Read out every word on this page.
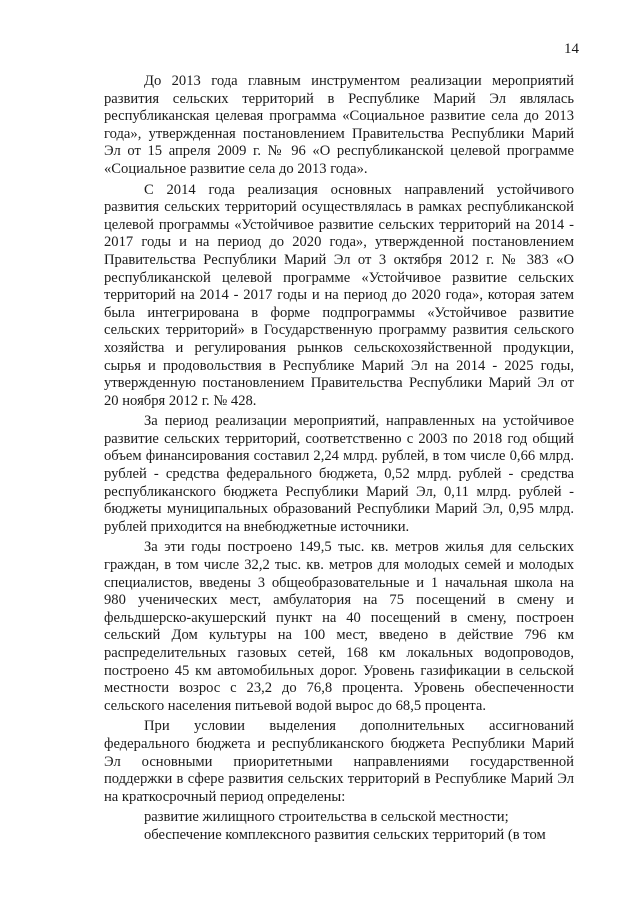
14

До 2013 года главным инструментом реализации мероприятий развития сельских территорий в Республике Марий Эл являлась республиканская целевая программа «Социальное развитие села до 2013 года», утвержденная постановлением Правительства Республики Марий Эл от 15 апреля 2009 г. № 96 «О республиканской целевой программе «Социальное развитие села до 2013 года».

С 2014 года реализация основных направлений устойчивого развития сельских территорий осуществлялась в рамках республиканской целевой программы «Устойчивое развитие сельских территорий на 2014 - 2017 годы и на период до 2020 года», утвержденной постановлением Правительства Республики Марий Эл от 3 октября 2012 г. № 383 «О республиканской целевой программе «Устойчивое развитие сельских территорий на 2014 - 2017 годы и на период до 2020 года», которая затем была интегрирована в форме подпрограммы «Устойчивое развитие сельских территорий» в Государственную программу развития сельского хозяйства и регулирования рынков сельскохозяйственной продукции, сырья и продовольствия в Республике Марий Эл на 2014 - 2025 годы, утвержденную постановлением Правительства Республики Марий Эл от 20 ноября 2012 г. № 428.

За период реализации мероприятий, направленных на устойчивое развитие сельских территорий, соответственно с 2003 по 2018 год общий объем финансирования составил 2,24 млрд. рублей, в том числе 0,66 млрд. рублей - средства федерального бюджета, 0,52 млрд. рублей - средства республиканского бюджета Республики Марий Эл, 0,11 млрд. рублей - бюджеты муниципальных образований Республики Марий Эл, 0,95 млрд. рублей приходится на внебюджетные источники.

За эти годы построено 149,5 тыс. кв. метров жилья для сельских граждан, в том числе 32,2 тыс. кв. метров для молодых семей и молодых специалистов, введены 3 общеобразовательные и 1 начальная школа на 980 ученических мест, амбулатория на 75 посещений в смену и фельдшерско-акушерский пункт на 40 посещений в смену, построен сельский Дом культуры на 100 мест, введено в действие 796 км распределительных газовых сетей, 168 км локальных водопроводов, построено 45 км автомобильных дорог. Уровень газификации в сельской местности возрос с 23,2 до 76,8 процента. Уровень обеспеченности сельского населения питьевой водой вырос до 68,5 процента.

При условии выделения дополнительных ассигнований федерального бюджета и республиканского бюджета Республики Марий Эл основными приоритетными направлениями государственной поддержки в сфере развития сельских территорий в Республике Марий Эл на краткосрочный период определены:

развитие жилищного строительства в сельской местности;

обеспечение комплексного развития сельских территорий (в том
